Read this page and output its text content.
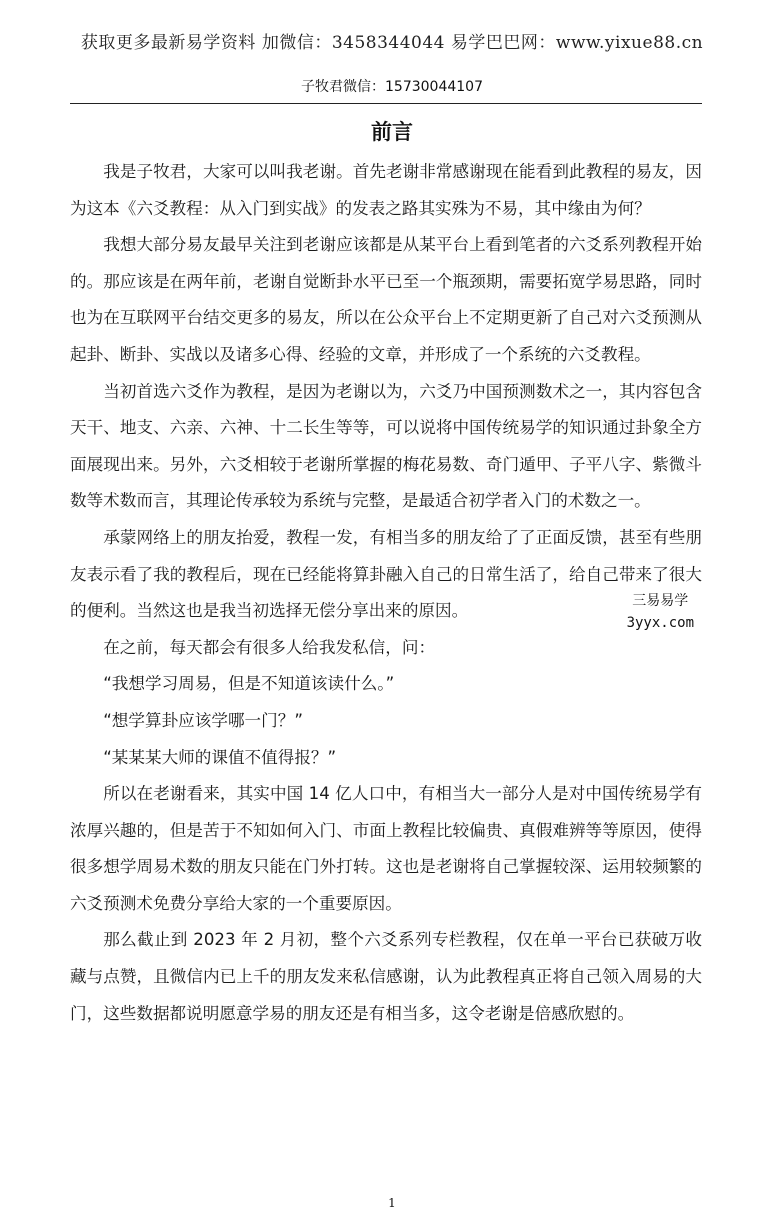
获取更多最新易学资料 加微信：3458344044 易学巴巴网：www.yixue88.cn
子牧君微信：15730044107
前言

我是子牧君，大家可以叫我老谢。首先老谢非常感谢现在能看到此教程的易友，因为这本《六爻教程：从入门到实战》的发表之路其实殊为不易，其中缘由为何？

我想大部分易友最早关注到老谢应该都是从某平台上看到笔者的六爻系列教程开始的。那应该是在两年前，老谢自觉断卦水平已至一个瓶颈期，需要拓宽学易思路，同时也为在互联网平台结交更多的易友，所以在公众平台上不定期更新了自己对六爻预测从起卦、断卦、实战以及诸多心得、经验的文章，并形成了一个系统的六爻教程。

当初首选六爻作为教程，是因为老谢以为，六爻乃中国预测数术之一，其内容包含天干、地支、六亲、六神、十二长生等等，可以说将中国传统易学的知识通过卦象全方面展现出来。另外，六爻相较于老谢所掌握的梅花易数、奇门遁甲、子平八字、紫微斗数等术数而言，其理论传承较为系统与完整，是最适合初学者入门的术数之一。

承蒙网络上的朋友抬爱，教程一发，有相当多的朋友给了了正面反馈，甚至有些朋友表示看了我的教程后，现在已经能将算卦融入自己的日常生活了，给自己带来了很大的便利。当然这也是我当初选择无偿分享出来的原因。

在之前，每天都会有很多人给我发私信，问：

“我想学习周易，但是不知道该读什么。”

“想学算卦应该学哪一门？”

“某某某大师的课值不值得报？”

所以在老谢看来，其实中国 14 亿人口中，有相当大一部分人是对中国传统易学有浓厚兴趣的，但是苦于不知如何入门、市面上教程比较偏贵、真假难辨等等原因，使得很多想学周易术数的朋友只能在门外打转。这也是老谢将自己掌握较深、运用较频繁的六爻预测术免费分享给大家的一个重要原因。

那么截止到 2023 年 2 月初，整个六爻系列专栏教程，仅在单一平台已获破万收藏与点赞，且微信内已上千的朋友发来私信感谢，认为此教程真正将自己领入周易的大门，这些数据都说明愿意学易的朋友还是有相当多，这令老谢是倍感欣慰的。

三易易学
3yyx.com
1
